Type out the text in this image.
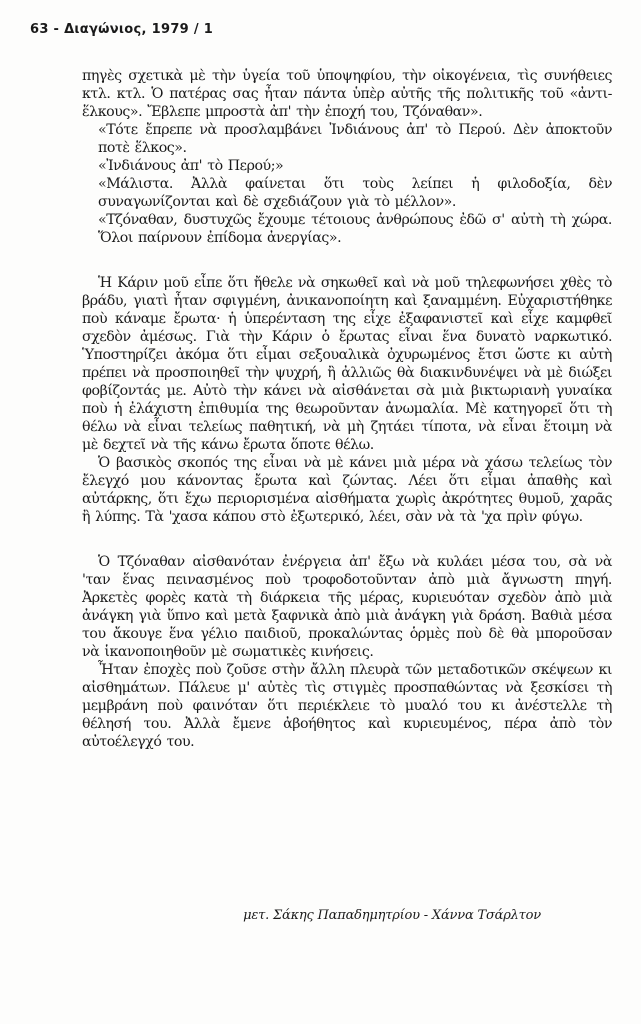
63 - Διαγώνιος, 1979 / 1

πηγὲς σχετικὰ μὲ τὴν ὑγεία τοῦ ὑποψηφίου, τὴν οἰκογένεια, τὶς συνήθειες κτλ. κτλ. Ὁ πατέρας σας ἦταν πάντα ὑπὲρ αὐτῆς τῆς πολιτικῆς τοῦ «ἀντι-ἕλκους». Ἔβλεπε μπροστὰ ἀπ' τὴν ἐποχή του, Τζόναθαν».

«Τότε ἔπρεπε νὰ προσλαμβάνει Ἰνδιάνους ἀπ' τὸ Περού. Δὲν ἀποκτοῦν ποτὲ ἕλκος».

«Ἰνδιάνους ἀπ' τὸ Περού;»

«Μάλιστα. Ἀλλὰ φαίνεται ὅτι τοὺς λείπει ἡ φιλοδοξία, δὲν συναγωνίζονται καὶ δὲ σχεδιάζουν γιὰ τὸ μέλλον».

«Τζόναθαν, δυστυχῶς ἔχουμε τέτοιους ἀνθρώπους ἐδῶ σ' αὐτὴ τὴ χώρα. Ὅλοι παίρνουν ἐπίδομα ἀνεργίας».

Ἡ Κάριν μοῦ εἶπε ὅτι ἤθελε νὰ σηκωθεῖ καὶ νὰ μοῦ τηλεφωνήσει χθὲς τὸ βράδυ, γιατὶ ἦταν σφιγμένη, ἀνικανοποίητη καὶ ξαναμμένη. Εὐχαριστήθηκε ποὺ κάναμε ἔρωτα· ἡ ὑπερένταση της εἶχε ἐξαφανιστεῖ καὶ εἶχε καμφθεῖ σχεδὸν ἀμέσως. Γιὰ τὴν Κάριν ὁ ἔρωτας εἶναι ἕνα δυνατὸ ναρκωτικό. Ὑποστηρίζει ἀκόμα ὅτι εἶμαι σεξουαλικὰ ὀχυρωμένος ἔτσι ὥστε κι αὐτὴ πρέπει νὰ προσποιηθεῖ τὴν ψυχρή, ἢ ἀλλιῶς θὰ διακινδυνέψει νὰ μὲ διώξει φοβίζοντάς με. Αὐτὸ τὴν κάνει νὰ αἰσθάνεται σὰ μιὰ βικτωριανὴ γυναίκα ποὺ ἡ ἐλάχιστη ἐπιθυμία της θεωροῦνταν ἀνωμαλία. Μὲ κατηγορεῖ ὅτι τὴ θέλω νὰ εἶναι τελείως παθητική, νὰ μὴ ζητάει τίποτα, νὰ εἶναι ἕτοιμη νὰ μὲ δεχτεῖ νὰ τῆς κάνω ἔρωτα ὅποτε θέλω.

Ὁ βασικὸς σκοπός της εἶναι νὰ μὲ κάνει μιὰ μέρα νὰ χάσω τελείως τὸν ἔλεγχό μου κάνοντας ἔρωτα καὶ ζώντας. Λέει ὅτι εἶμαι ἀπαθὴς καὶ αὐτάρκης, ὅτι ἔχω περιορισμένα αἰσθήματα χωρὶς ἀκρότητες θυμοῦ, χαρᾶς ἢ λύπης. Τὰ 'χασα κάπου στὸ ἐξωτερικό, λέει, σὰν νὰ τὰ 'χα πρὶν φύγω.

Ὁ Τζόναθαν αἰσθανόταν ἐνέργεια ἀπ' ἔξω νὰ κυλάει μέσα του, σὰ νὰ 'ταν ἕνας πεινασμένος ποὺ τροφοδοτοῦνταν ἀπὸ μιὰ ἄγνωστη πηγή. Ἀρκετὲς φορὲς κατὰ τὴ διάρκεια τῆς μέρας, κυριευόταν σχεδὸν ἀπὸ μιὰ ἀνάγκη γιὰ ὕπνο καὶ μετὰ ξαφνικὰ ἀπὸ μιὰ ἀνάγκη γιὰ δράση. Βαθιὰ μέσα του ἄκουγε ἕνα γέλιο παιδιοῦ, προκαλώντας ὁρμὲς ποὺ δὲ θὰ μποροῦσαν νὰ ἱκανοποιηθοῦν μὲ σωματικὲς κινήσεις.

Ἦταν ἐποχὲς ποὺ ζοῦσε στὴν ἄλλη πλευρὰ τῶν μεταδοτικῶν σκέψεων κι αἰσθημάτων. Πάλευε μ' αὐτὲς τὶς στιγμὲς προσπαθώντας νὰ ξεσκίσει τὴ μεμβράνη ποὺ φαινόταν ὅτι περιέκλειε τὸ μυαλό του κι ἀνέστελλε τὴ θέλησή του. Ἀλλὰ ἔμενε ἀβοήθητος καὶ κυριευμένος, πέρα ἀπὸ τὸν αὐτοέλεγχό του.

μετ. Σάκης Παπαδημητρίου - Χάννα Τσάρλτον
